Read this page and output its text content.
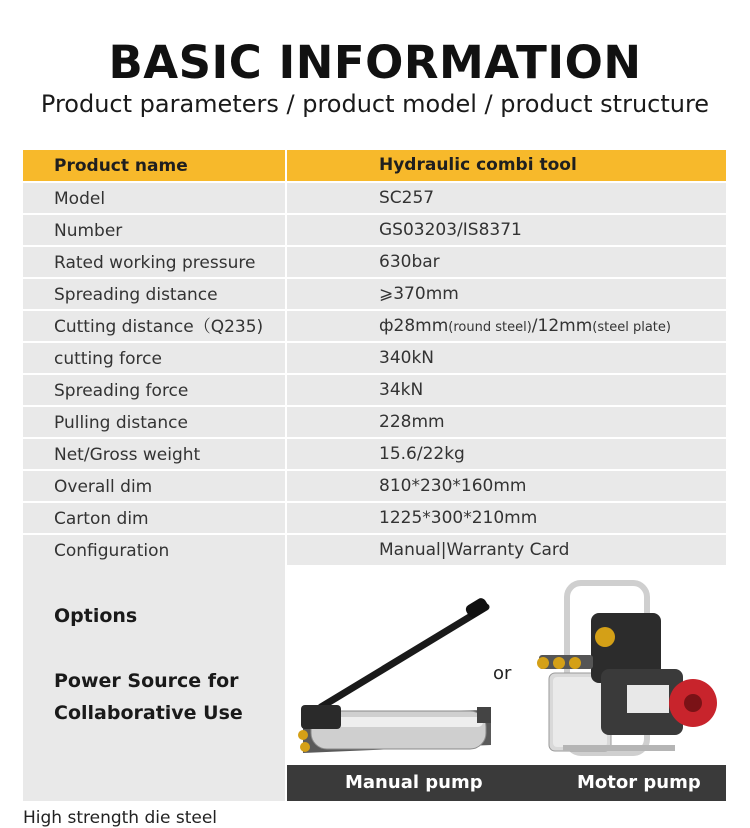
BASIC INFORMATION
Product parameters / product model / product structure
Product name	Hydraulic combi tool
Model	SC257
Number	GS03203/IS8371
Rated working pressure	630bar
Spreading distance	⩾370mm
Cutting distance（Q235)	ф28mm(round steel)/12mm(steel plate)
cutting force	340kN
Spreading force	34kN
Pulling distance	228mm
Net/Gross weight	15.6/22kg
Overall dim	810*230*160mm
Carton dim	1225*300*210mm
Configuration	Manual|Warranty Card
Options
Power Source for
Collaborative Use
or
Manual pump	Motor pump
High strength die steel
